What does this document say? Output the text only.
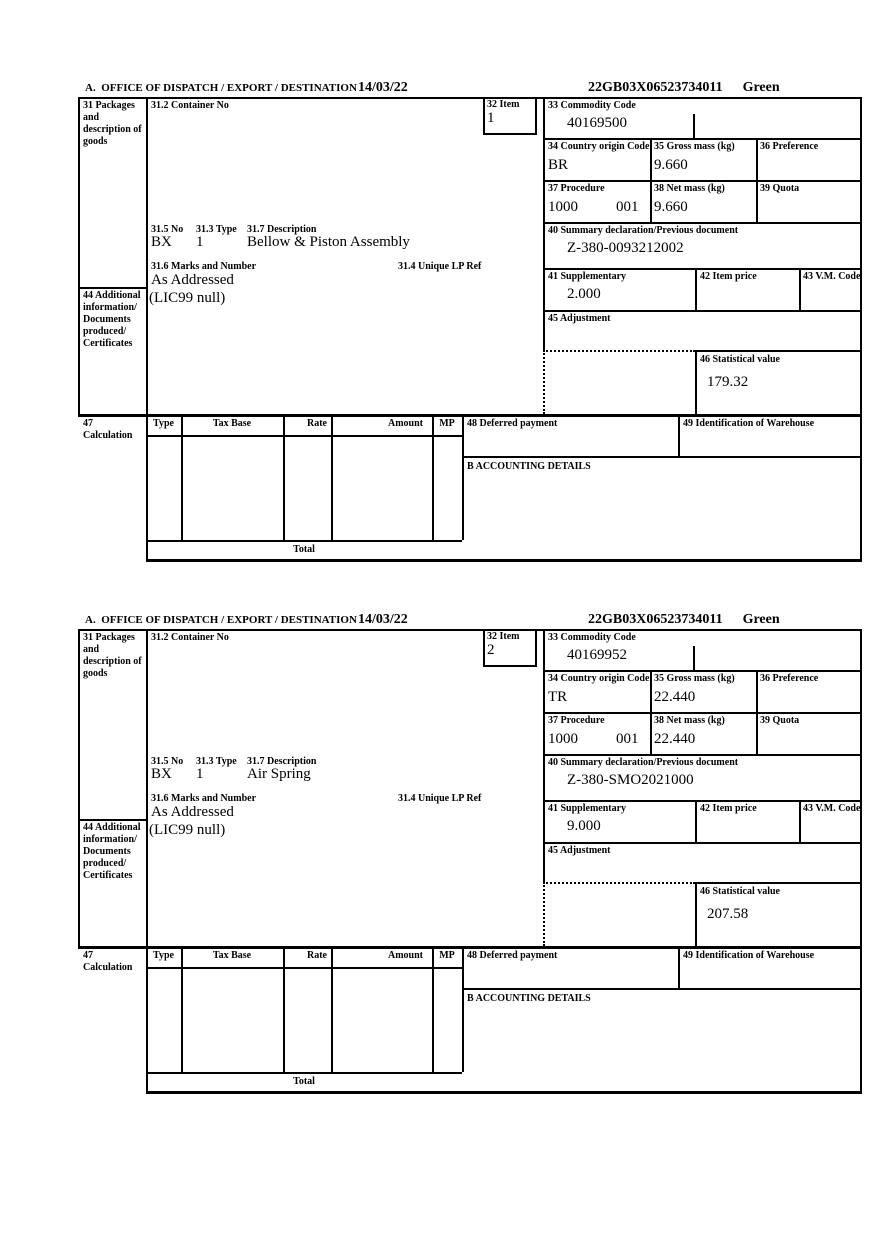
A.  OFFICE OF DISPATCH / EXPORT / DESTINATION 14/03/22	22GB03X06523734011 Green
31 Packages and description of goods
31.2 Container No	32 Item
1
33 Commodity Code
40169500
34 Country origin Code
BR
35 Gross mass (kg)
9.660
36 Preference
37 Procedure
1000	001
38 Net mass (kg)
9.660
39 Quota
40 Summary declaration/Previous document
Z-380-0093212002
41 Supplementary
2.000
42 Item price	43 V.M. Code
45 Adjustment
46 Statistical value
179.32
31.5 No 31.3 Type 31.7 Description
BX 1	Bellow & Piston Assembly
31.6 Marks and Number	31.4 Unique LP Ref
As Addressed
44 Additional information/ Documents produced/ Certificates
(LIC99 null)
47 Calculation
Type	Tax Base	Rate	Amount	MP	48 Deferred payment	49 Identification of Warehouse
B ACCOUNTING DETAILS
Total
A.  OFFICE OF DISPATCH / EXPORT / DESTINATION 14/03/22	22GB03X06523734011 Green
31 Packages and description of goods
31.2 Container No	32 Item
2
33 Commodity Code
40169952
34 Country origin Code
TR
35 Gross mass (kg)
22.440
36 Preference
37 Procedure
1000	001
38 Net mass (kg)
22.440
39 Quota
40 Summary declaration/Previous document
Z-380-SMO2021000
41 Supplementary
9.000
42 Item price	43 V.M. Code
45 Adjustment
46 Statistical value
207.58
31.5 No 31.3 Type 31.7 Description
BX 1	Air Spring
31.6 Marks and Number	31.4 Unique LP Ref
As Addressed
44 Additional information/ Documents produced/ Certificates
(LIC99 null)
47 Calculation
Type	Tax Base	Rate	Amount	MP	48 Deferred payment	49 Identification of Warehouse
B ACCOUNTING DETAILS
Total
